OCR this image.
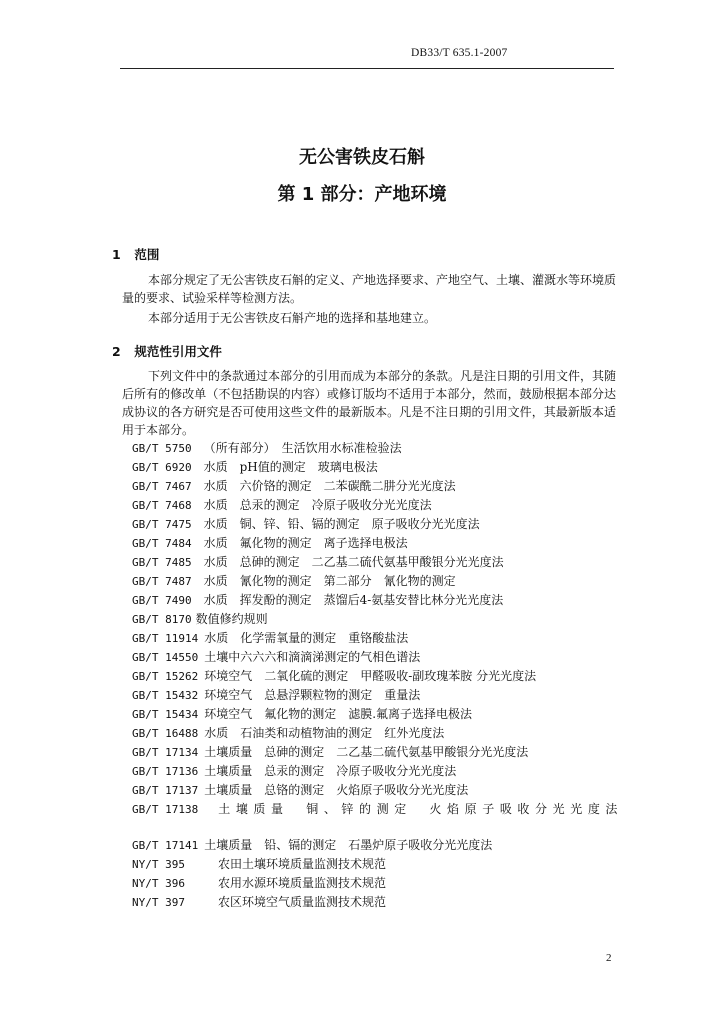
DB33/T 635.1-2007
无公害铁皮石斛
第 1 部分：产地环境
1 范围

本部分规定了无公害铁皮石斛的定义、产地选择要求、产地空气、土壤、灌溉水等环境质量的要求、试验采样等检测方法。

本部分适用于无公害铁皮石斛产地的选择和基地建立。

2 规范性引用文件

下列文件中的条款通过本部分的引用而成为本部分的条款。凡是注日期的引用文件，其随后所有的修改单（不包括勘误的内容）或修订版均不适用于本部分，然而，鼓励根据本部分达成协议的各方研究是否可使用这些文件的最新版本。凡是不注日期的引用文件，其最新版本适用于本部分。

GB/T 5750 （所有部分）　生活饮用水标准检验法
GB/T 6920 水质　pH值的测定　玻璃电极法
GB/T 7467 水质　六价铬的测定　二苯碳酰二肼分光光度法
GB/T 7468 水质　总汞的测定　冷原子吸收分光光度法
GB/T 7475 水质　铜、锌、铅、镉的测定　原子吸收分光光度法
GB/T 7484 水质　氟化物的测定　离子选择电极法
GB/T 7485 水质　总砷的测定　二乙基二硫代氨基甲酸银分光光度法
GB/T 7487 水质　氰化物的测定　第二部分　氰化物的测定
GB/T 7490 水质　挥发酚的测定　蒸馏后4-氨基安替比林分光光度法
GB/T 8170 数值修约规则
GB/T 11914 水质　化学需氧量的测定　重铬酸盐法
GB/T 14550 土壤中六六六和滴滴涕测定的气相色谱法
GB/T 15262 环境空气　二氧化硫的测定　甲醛吸收-副玫瑰苯胺 分光光度法
GB/T 15432 环境空气　总悬浮颗粒物的测定　重量法
GB/T 15434 环境空气　氟化物的测定　滤膜.氟离子选择电极法
GB/T 16488 水质　石油类和动植物油的测定　红外光度法
GB/T 17134 土壤质量　总砷的测定　二乙基二硫代氨基甲酸银分光光度法
GB/T 17136 土壤质量　总汞的测定　冷原子吸收分光光度法
GB/T 17137 土壤质量　总铬的测定　火焰原子吸收分光光度法
GB/T 17138 土壤质量　铜、锌的测定　火焰原子吸收分光光度法
GB/T 17141 土壤质量　铅、镉的测定　石墨炉原子吸收分光光度法
NY/T 395	农田土壤环境质量监测技术规范
NY/T 396	农用水源环境质量监测技术规范
NY/T 397	农区环境空气质量监测技术规范
2
